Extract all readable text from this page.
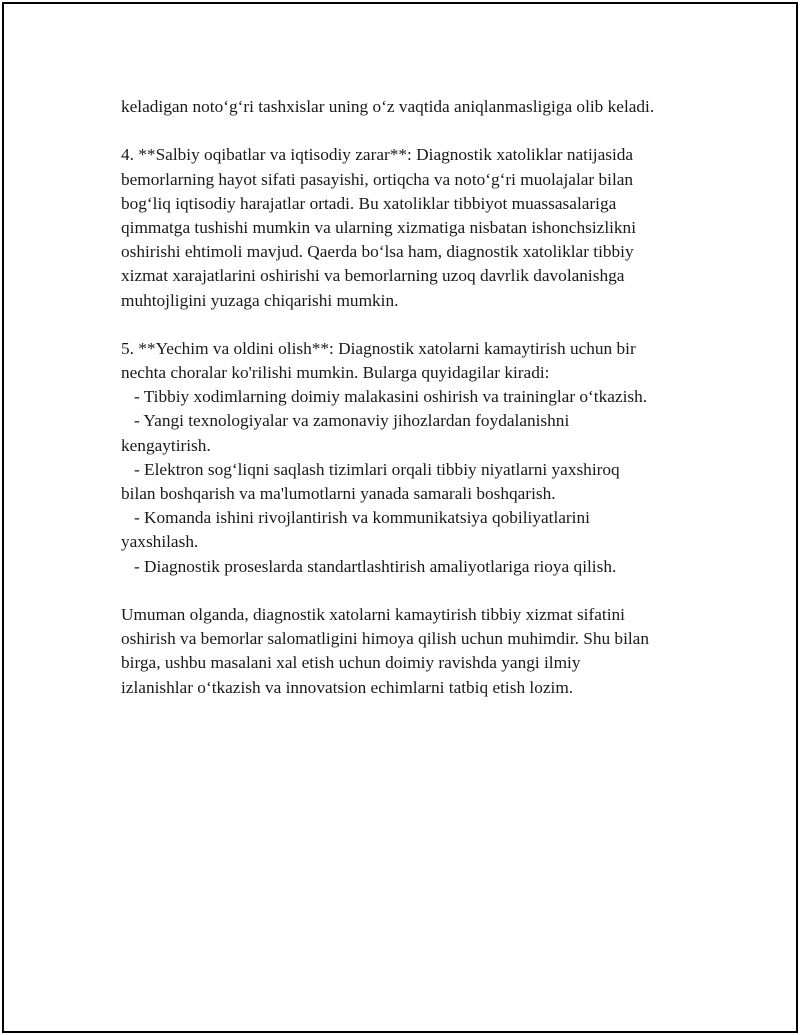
keladigan noto‘g‘ri tashxislar uning o‘z vaqtida aniqlanmasligiga olib keladi.
4. **Salbiy oqibatlar va iqtisodiy zarar**: Diagnostik xatoliklar natijasida
bemorlarning hayot sifati pasayishi, ortiqcha va noto‘g‘ri muolajalar bilan
bog‘liq iqtisodiy harajatlar ortadi. Bu xatoliklar tibbiyot muassasalariga
qimmatga tushishi mumkin va ularning xizmatiga nisbatan ishonchsizlikni
oshirishi ehtimoli mavjud. Qaerda bo‘lsa ham, diagnostik xatoliklar tibbiy
xizmat xarajatlarini oshirishi va bemorlarning uzoq davrlik davolanishga
muhtojligini yuzaga chiqarishi mumkin.
5. **Yechim va oldini olish**: Diagnostik xatolarni kamaytirish uchun bir
nechta choralar ko'rilishi mumkin. Bularga quyidagilar kiradi:
- Tibbiy xodimlarning doimiy malakasini oshirish va traininglar o‘tkazish.
- Yangi texnologiyalar va zamonaviy jihozlardan foydalanishni
kengaytirish.
- Elektron sog‘liqni saqlash tizimlari orqali tibbiy niyatlarni yaxshiroq
bilan boshqarish va ma'lumotlarni yanada samarali boshqarish.
- Komanda ishini rivojlantirish va kommunikatsiya qobiliyatlarini
yaxshilash.
- Diagnostik proseslarda standartlashtirish amaliyotlariga rioya qilish.
Umuman olganda, diagnostik xatolarni kamaytirish tibbiy xizmat sifatini
oshirish va bemorlar salomatligini himoya qilish uchun muhimdir. Shu bilan
birga, ushbu masalani xal etish uchun doimiy ravishda yangi ilmiy
izlanishlar o‘tkazish va innovatsion echimlarni tatbiq etish lozim.
